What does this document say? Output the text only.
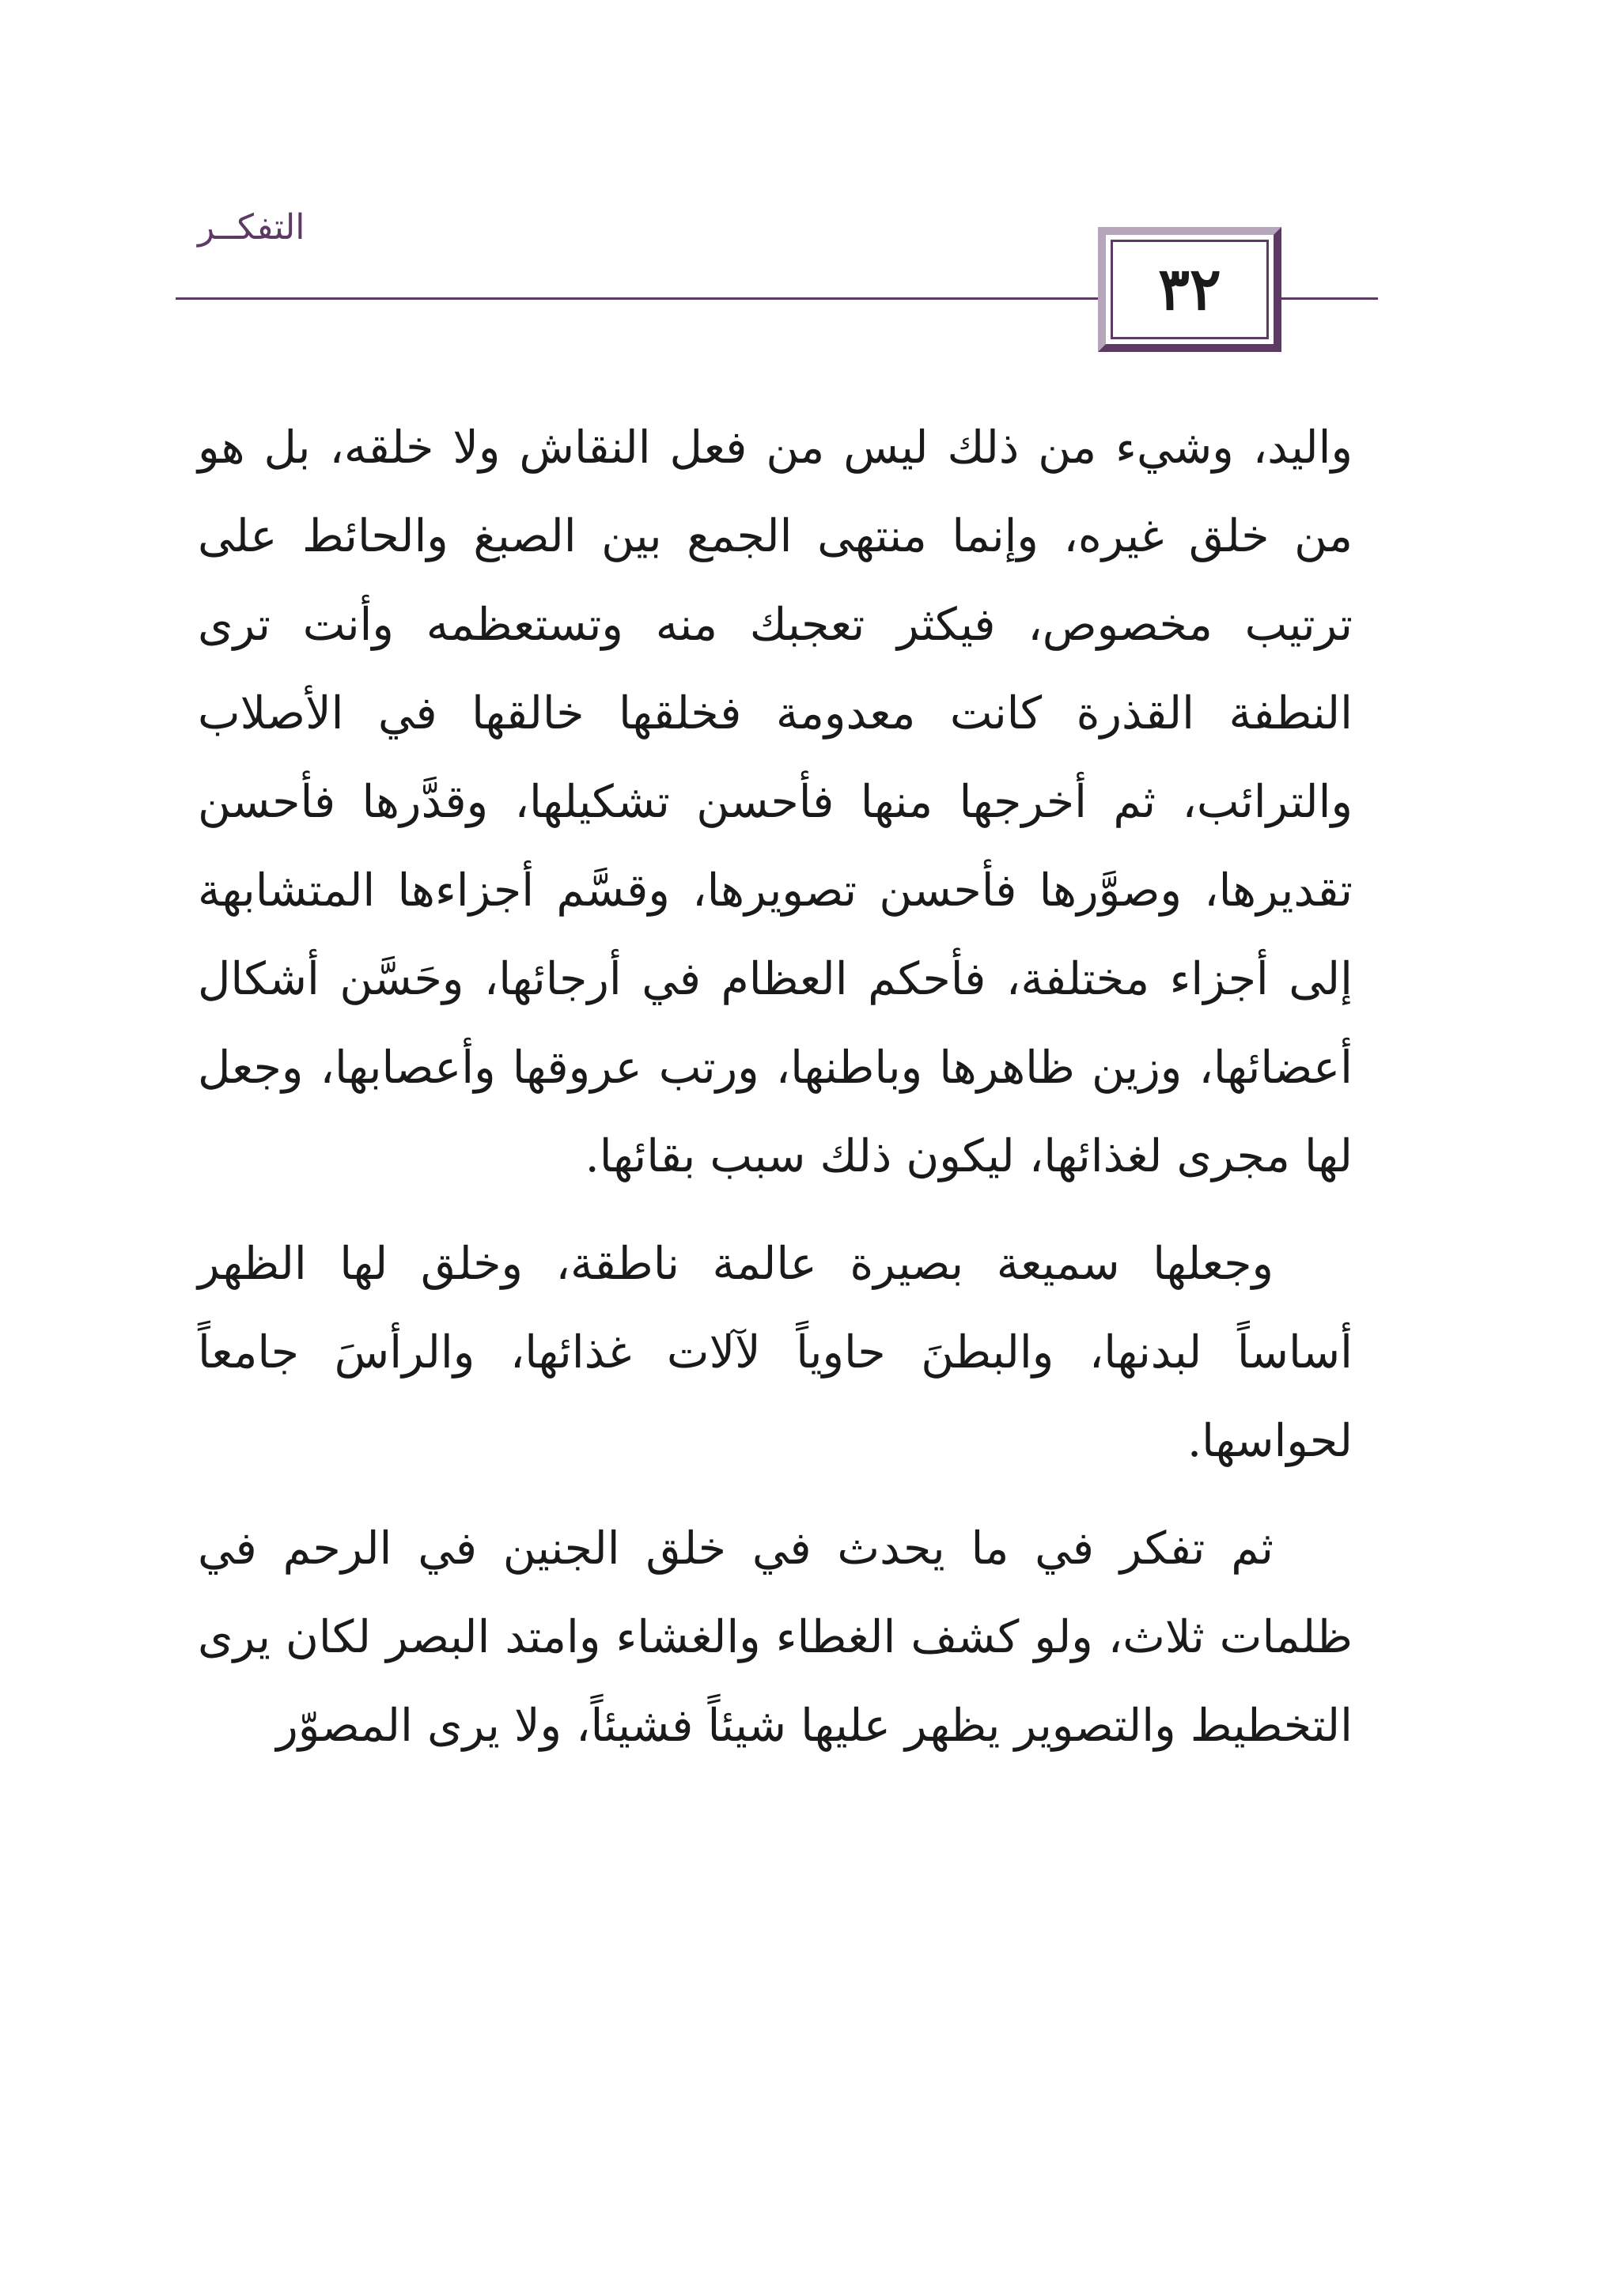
التفكــر
٣٢

واليد، وشيء من ذلك ليس من فعل النقاش ولا خلقه، بل هو من خلق غيره، وإنما منتهى الجمع بين الصبغ والحائط على ترتيب مخصوص، فيكثر تعجبك منه وتستعظمه وأنت ترى النطفة القذرة كانت معدومة فخلقها خالقها في الأصلاب والترائب، ثم أخرجها منها فأحسن تشكيلها، وقدَّرها فأحسن تقديرها، وصوَّرها فأحسن تصويرها، وقسَّم أجزاءها المتشابهة إلى أجزاء مختلفة، فأحكم العظام في أرجائها، وحَسَّن أشكال أعضائها، وزين ظاهرها وباطنها، ورتب عروقها وأعصابها، وجعل لها مجرى لغذائها، ليكون ذلك سبب بقائها.

وجعلها سميعة بصيرة عالمة ناطقة، وخلق لها الظهر أساساً لبدنها، والبطنَ حاوياً لآلات غذائها، والرأسَ جامعاً لحواسها.

ثم تفكر في ما يحدث في خلق الجنين في الرحم في ظلمات ثلاث، ولو كشف الغطاء والغشاء وامتد البصر لكان يرى التخطيط والتصوير يظهر عليها شيئاً فشيئاً، ولا يرى المصوّر
